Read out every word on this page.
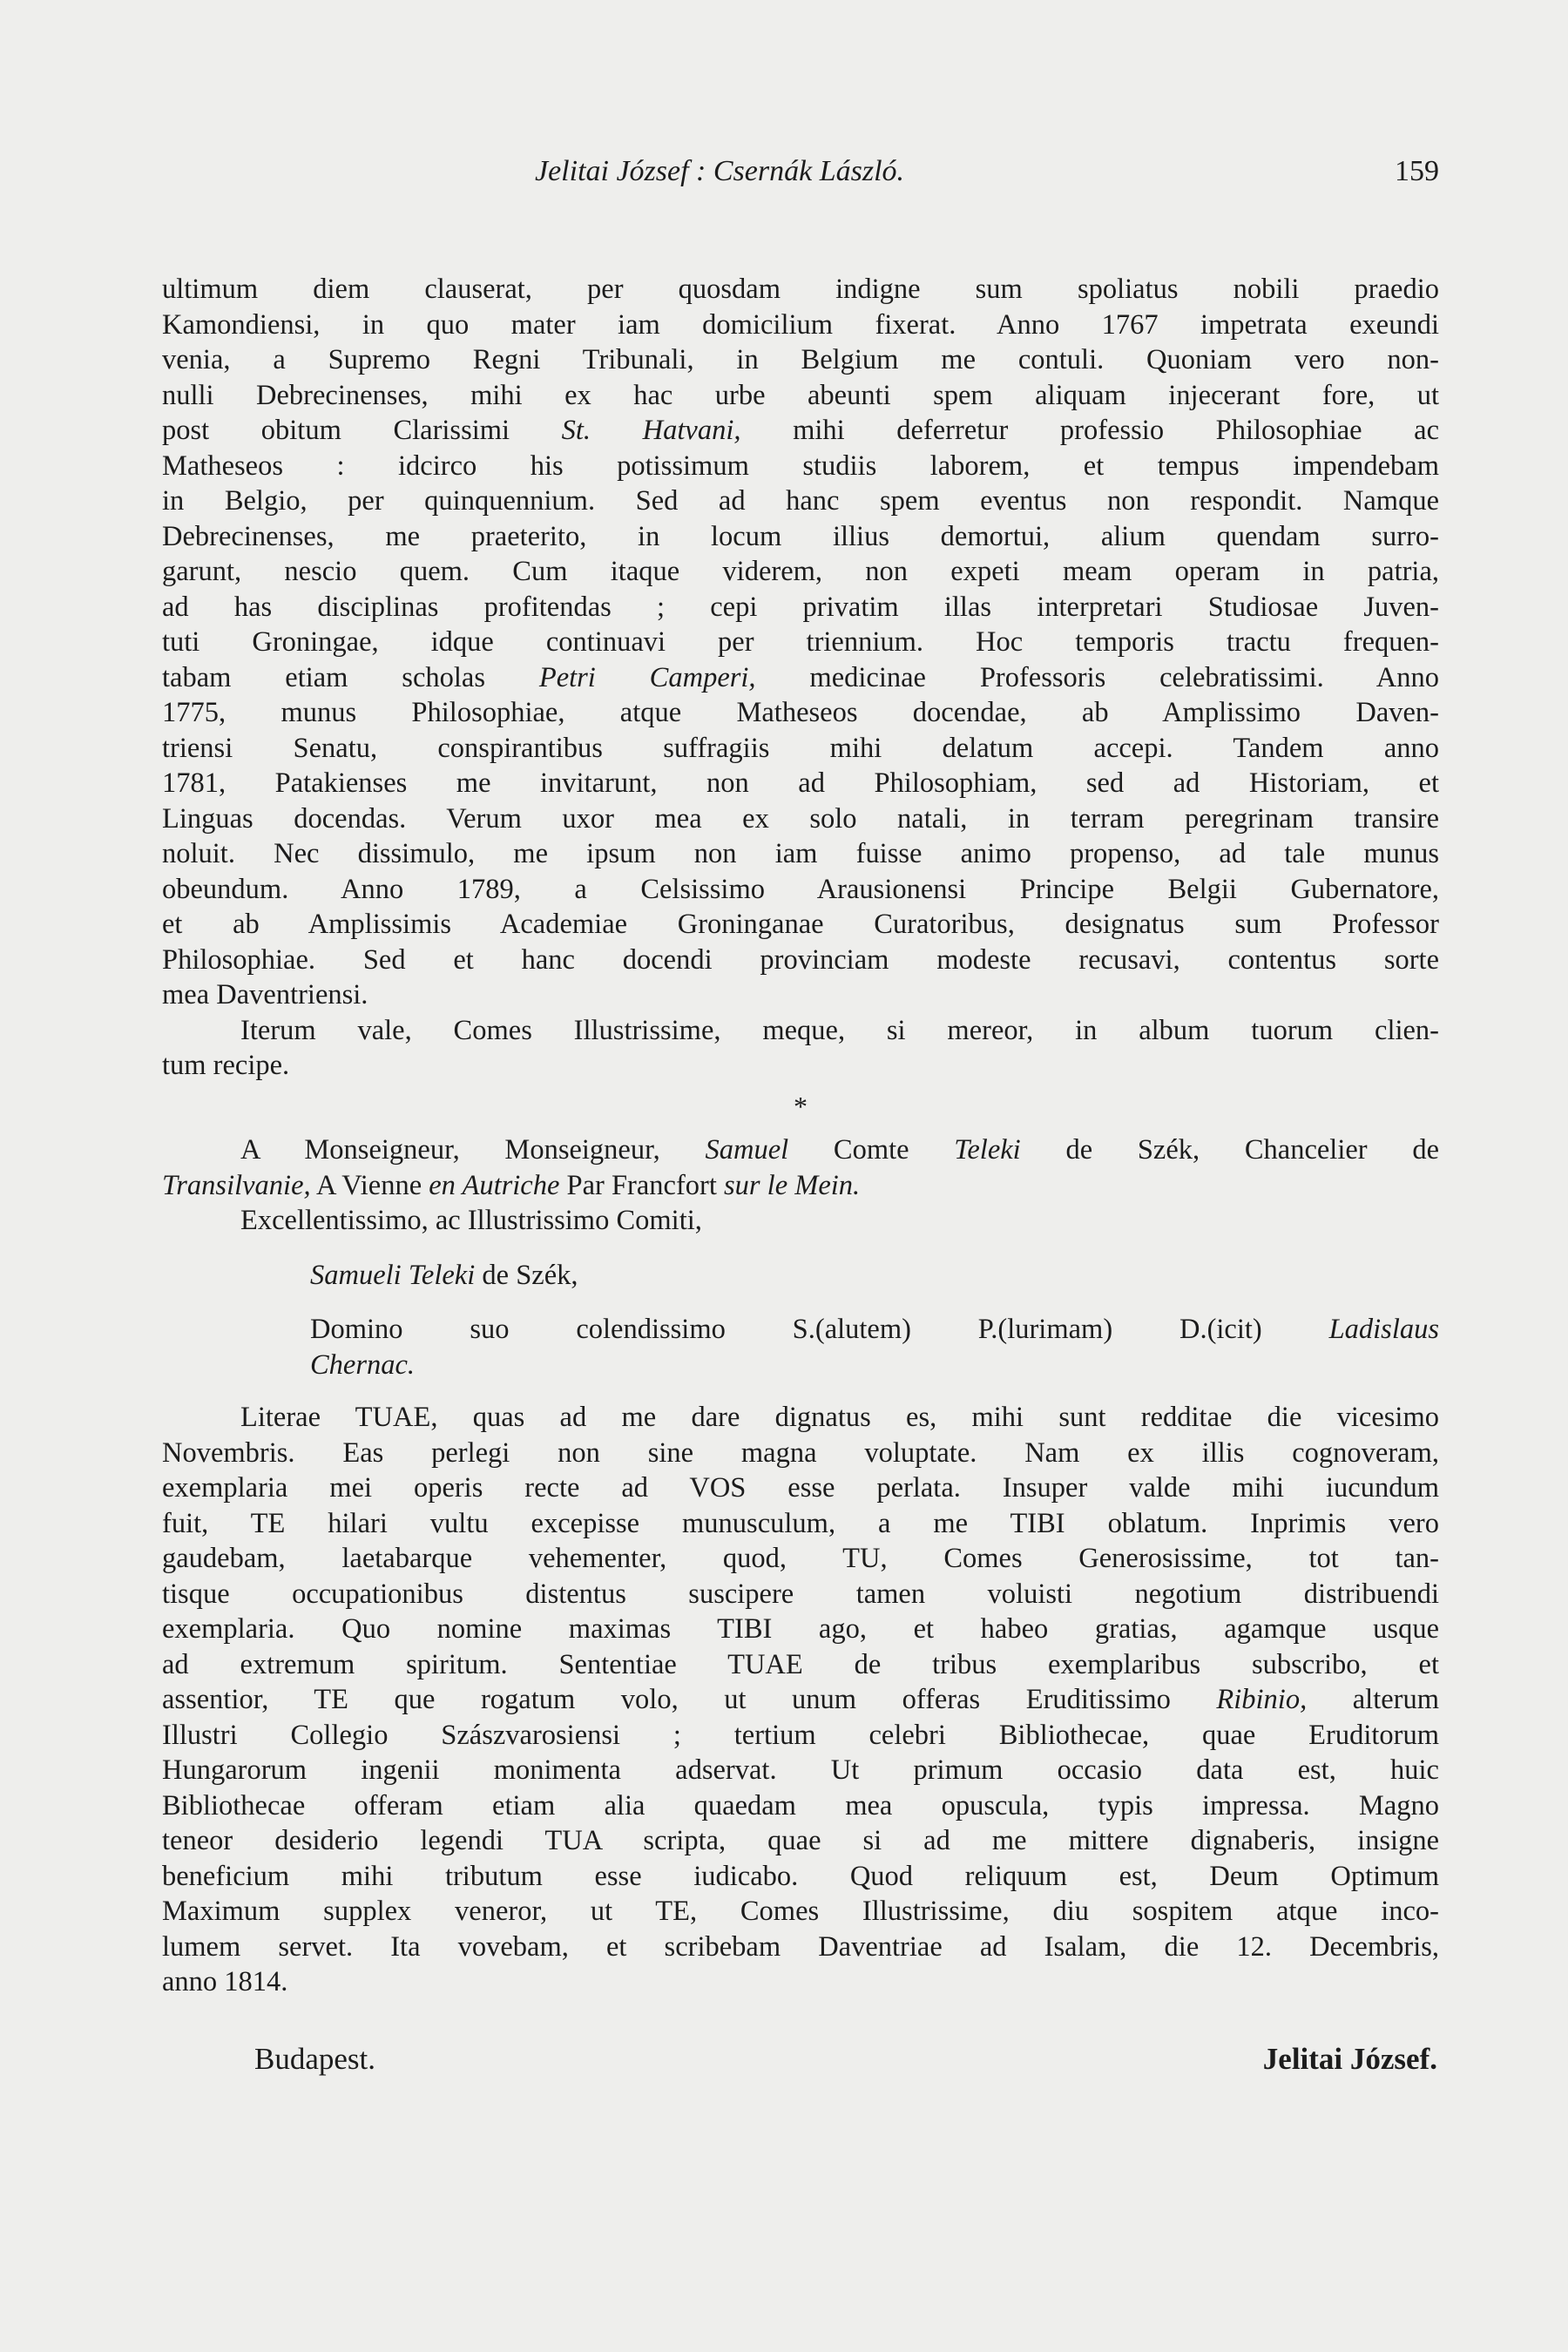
Jelitai József : Csernák László.	159

ultimum diem clauserat, per quosdam indigne sum spoliatus nobili praedio
Kamondiensi, in quo mater iam domicilium fixerat. Anno 1767 impetrata exeundi
venia, a Supremo Regni Tribunali, in Belgium me contuli. Quoniam vero non-
nulli Debrecinenses, mihi ex hac urbe abeunti spem aliquam injecerant fore, ut
post obitum Clarissimi St. Hatvani, mihi deferretur professio Philosophiae ac
Matheseos : idcirco his potissimum studiis laborem, et tempus impendebam
in Belgio, per quinquennium. Sed ad hanc spem eventus non respondit. Namque
Debrecinenses, me praeterito, in locum illius demortui, alium quendam surro-
garunt, nescio quem. Cum itaque viderem, non expeti meam operam in patria,
ad has disciplinas profitendas ; cepi privatim illas interpretari Studiosae Juven-
tuti Groningae, idque continuavi per triennium. Hoc temporis tractu frequen-
tabam etiam scholas Petri Camperi, medicinae Professoris celebratissimi. Anno
1775, munus Philosophiae, atque Matheseos docendae, ab Amplissimo Daven-
triensi Senatu, conspirantibus suffragiis mihi delatum accepi. Tandem anno
1781, Patakienses me invitarunt, non ad Philosophiam, sed ad Historiam, et
Linguas docendas. Verum uxor mea ex solo natali, in terram peregrinam transire
noluit. Nec dissimulo, me ipsum non iam fuisse animo propenso, ad tale munus
obeundum. Anno 1789, a Celsissimo Arausionensi Principe Belgii Gubernatore,
et ab Amplissimis Academiae Groninganae Curatoribus, designatus sum Professor
Philosophiae. Sed et hanc docendi provinciam modeste recusavi, contentus sorte
mea Daventriensi.

Iterum vale, Comes Illustrissime, meque, si mereor, in album tuorum clien-
tum recipe.

*

A Monseigneur, Monseigneur, Samuel Comte Teleki de Szék, Chancelier de
Transilvanie, A Vienne en Autriche Par Francfort sur le Mein.

Excellentissimo, ac Illustrissimo Comiti,
Samueli Teleki de Szék,
Domino suo colendissimo S.(alutem) P.(lurimam) D.(icit) Ladislaus
Chernac.

Literae TUAE, quas ad me dare dignatus es, mihi sunt redditae die vicesimo
Novembris. Eas perlegi non sine magna voluptate. Nam ex illis cognoveram,
exemplaria mei operis recte ad VOS esse perlata. Insuper valde mihi iucundum
fuit, TE hilari vultu excepisse munusculum, a me TIBI oblatum. Inprimis vero
gaudebam, laetabarque vehementer, quod, TU, Comes Generosissime, tot tan-
tisque occupationibus distentus suscipere tamen voluisti negotium distribuendi
exemplaria. Quo nomine maximas TIBI ago, et habeo gratias, agamque usque
ad extremum spiritum. Sententiae TUAE de tribus exemplaribus subscribo, et
assentior, TE que rogatum volo, ut unum offeras Eruditissimo Ribinio, alterum
Illustri Collegio Szászvarosiensi ; tertium celebri Bibliothecae, quae Eruditorum
Hungarorum ingenii monimenta adservat. Ut primum occasio data est, huic
Bibliothecae offeram etiam alia quaedam mea opuscula, typis impressa. Magno
teneor desiderio legendi TUA scripta, quae si ad me mittere dignaberis, insigne
beneficium mihi tributum esse iudicabo. Quod reliquum est, Deum Optimum
Maximum supplex veneror, ut TE, Comes Illustrissime, diu sospitem atque inco-
lumem servet. Ita vovebam, et scribebam Daventriae ad Isalam, die 12. Decembris,
anno 1814.

Budapest.	Jelitai József.
